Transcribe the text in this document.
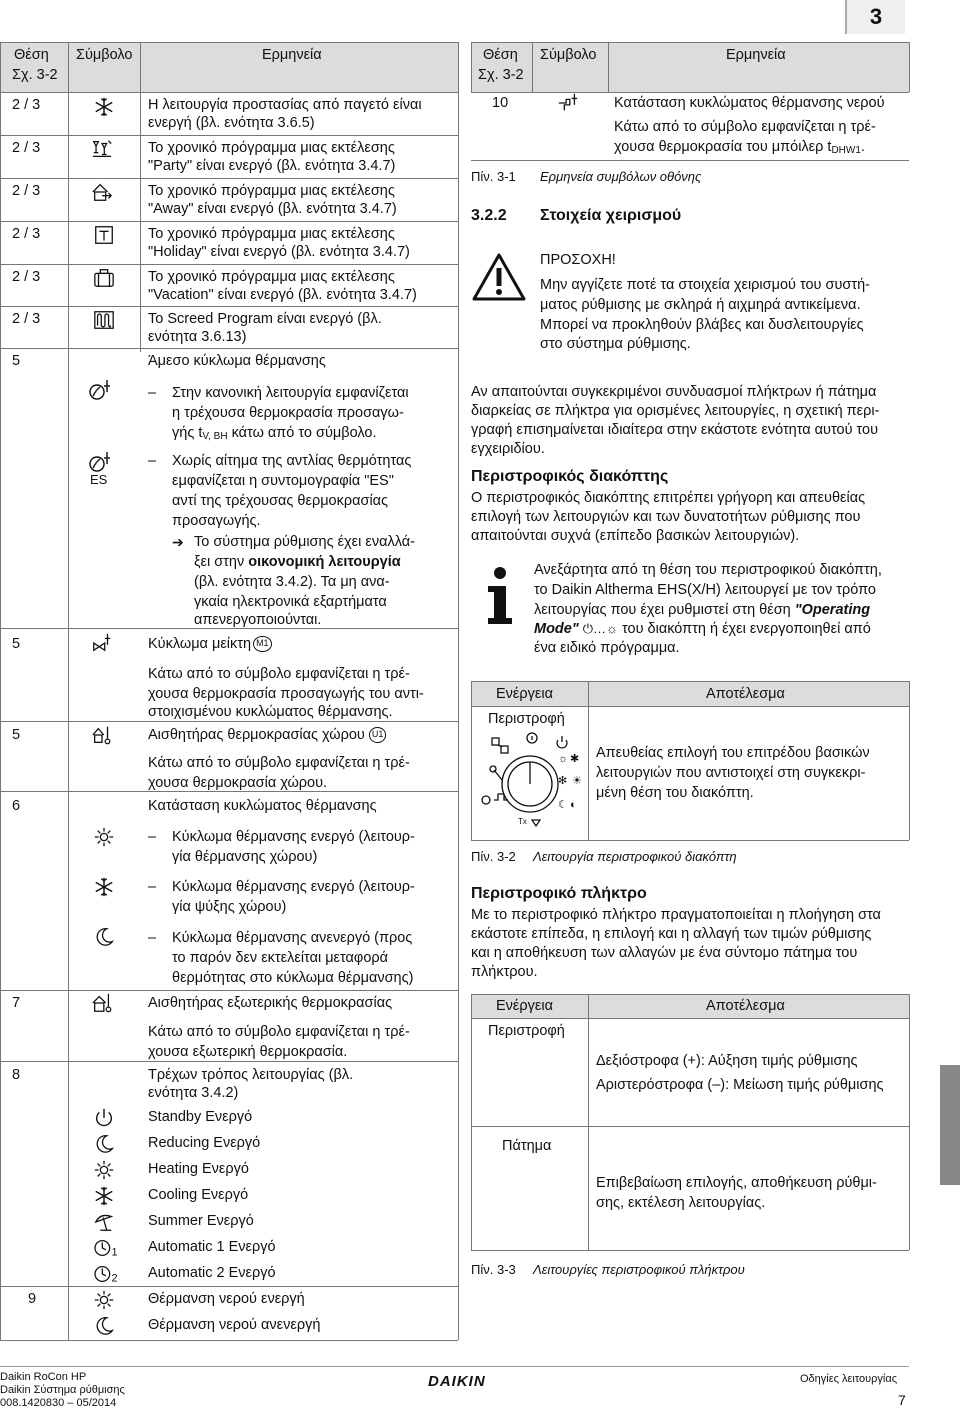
3
Θέση
Σχ. 3-2
Σύμβολο	Ερμηνεία
2 / 3	Η λειτουργία προστασίας από παγετό είναι
ενεργή (βλ. ενότητα 3.6.5)
2 / 3	Το χρονικό πρόγραμμα μιας εκτέλεσης
"Party" είναι ενεργό (βλ. ενότητα 3.4.7)
2 / 3	Το χρονικό πρόγραμμα μιας εκτέλεσης
"Away" είναι ενεργό (βλ. ενότητα 3.4.7)
2 / 3	Το χρονικό πρόγραμμα μιας εκτέλεσης
"Holiday" είναι ενεργό (βλ. ενότητα 3.4.7)
2 / 3	Το χρονικό πρόγραμμα μιας εκτέλεσης
"Vacation" είναι ενεργό (βλ. ενότητα 3.4.7)
2 / 3	Το Screed Program είναι ενεργό (βλ.
ενότητα 3.6.13)
5	Άμεσο κύκλωμα θέρμανσης
– Στην κανονική λειτουργία εμφανίζεται
η τρέχουσα θερμοκρασία προσαγω-
γής $t_{V, BH}$ κάτω από το σύμβολο.
ES
– Χωρίς αίτημα της αντλίας θερμότητας
εμφανίζεται η συντομογραφία "ES"
αντί της τρέχουσας θερμοκρασίας
προσαγωγής.
➔ Το σύστημα ρύθμισης έχει εναλλά-
ξει στην οικονομική λειτουργία
(βλ. ενότητα 3.4.2). Τα μη ανα-
γκαία ηλεκτρονικά εξαρτήματα
απενεργοποιούνται.
5	Κύκλωμα μείκτη M1
Κάτω από το σύμβολο εμφανίζεται η τρέ-
χουσα θερμοκρασία προσαγωγής του αντι-
στοιχισμένου κυκλώματος θέρμανσης.
5	Αισθητήρας θερμοκρασίας χώρου U1
Κάτω από το σύμβολο εμφανίζεται η τρέ-
χουσα θερμοκρασία χώρου.
6	Κατάσταση κυκλώματος θέρμανσης
– Κύκλωμα θέρμανσης ενεργό (λειτουρ-
γία θέρμανσης χώρου)
– Κύκλωμα θέρμανσης ενεργό (λειτουρ-
γία ψύξης χώρου)
– Κύκλωμα θέρμανσης ανενεργό (προς
το παρόν δεν εκτελείται μεταφορά
θερμότητας στο κύκλωμα θέρμανσης)
7	Αισθητήρας εξωτερικής θερμοκρασίας
Κάτω από το σύμβολο εμφανίζεται η τρέ-
χουσα εξωτερική θερμοκρασία.
8	Τρέχων τρόπος λειτουργίας (βλ.
ενότητα 3.4.2)
Standby Ενεργό
Reducing Ενεργό
Heating Ενεργό
Cooling Ενεργό
Summer Ενεργό
1 Automatic 1 Ενεργό
2 Automatic 2 Ενεργό
9	Θέρμανση νερού ενεργή
Θέρμανση νερού ανενεργή
Θέση
Σχ. 3-2
Σύμβολο	Ερμηνεία
10	Κατάσταση κυκλώματος θέρμανσης νερού
Κάτω από το σύμβολο εμφανίζεται η τρέ-
χουσα θερμοκρασία του μπόιλερ $t_{DHW1}$.
Πίν. 3-1 Ερμηνεία συμβόλων οθόνης
3.2.2 Στοιχεία χειρισμού
ΠΡΟΣΟΧΗ!
Μην αγγίζετε ποτέ τα στοιχεία χειρισμού του συστή-
ματος ρύθμισης με σκληρά ή αιχμηρά αντικείμενα.
Μπορεί να προκληθούν βλάβες και δυσλειτουργίες
στο σύστημα ρύθμισης.
Αν απαιτούνται συγκεκριμένοι συνδυασμοί πλήκτρων ή πάτημα
διαρκείας σε πλήκτρα για ορισμένες λειτουργίες, η σχετική περι-
γραφή επισημαίνεται ιδιαίτερα στην εκάστοτε ενότητα αυτού του
εγχειριδίου.
Περιστροφικός διακόπτης
Ο περιστροφικός διακόπτης επιτρέπει γρήγορη και απευθείας
επιλογή των λειτουργιών και των δυνατοτήτων ρύθμισης που
απαιτούνται συχνά (επίπεδο βασικών λειτουργιών).
Ανεξάρτητα από τη θέση του περιστροφικού διακόπτη,
το Daikin Altherma EHS(X/H) λειτουργεί με τον τρόπο
λειτουργίας που έχει ρυθμιστεί στη θέση "Operating
Mode" ⏻…☼ του διακόπτη ή έχει ενεργοποιηθεί από
ένα ειδικό πρόγραμμα.
Ενέργεια	Αποτέλεσμα
Περιστροφή
Tx
☼ ✱
✻ ☀
☾ ◐
Απευθείας επιλογή του επιτρέδου βασικών
λειτουργιών που αντιστοιχεί στη συγκεκρι-
μένη θέση του διακόπτη.
Πίν. 3-2 Λειτουργία περιστροφικού διακόπτη
Περιστροφικό πλήκτρο
Με το περιστροφικό πλήκτρο πραγματοποιείται η πλοήγηση στα
εκάστοτε επίπεδα, η επιλογή και η αλλαγή των τιμών ρύθμισης
και η αποθήκευση των αλλαγών με ένα σύντομο πάτημα του
πλήκτρου.
Ενέργεια	Αποτέλεσμα
Περιστροφή
Δεξιόστροφα (+): Αύξηση τιμής ρύθμισης
Αριστερόστροφα (–): Μείωση τιμής ρύθμισης
Πάτημα
Επιβεβαίωση επιλογής, αποθήκευση ρύθμι-
σης, εκτέλεση λειτουργίας.
Πίν. 3-3 Λειτουργίες περιστροφικού πλήκτρου
Daikin RoCon HP
Daikin Σύστημα ρύθμισης
008.1420830 – 05/2014
DAIKIN	Οδηγίες λειτουργίας
7
